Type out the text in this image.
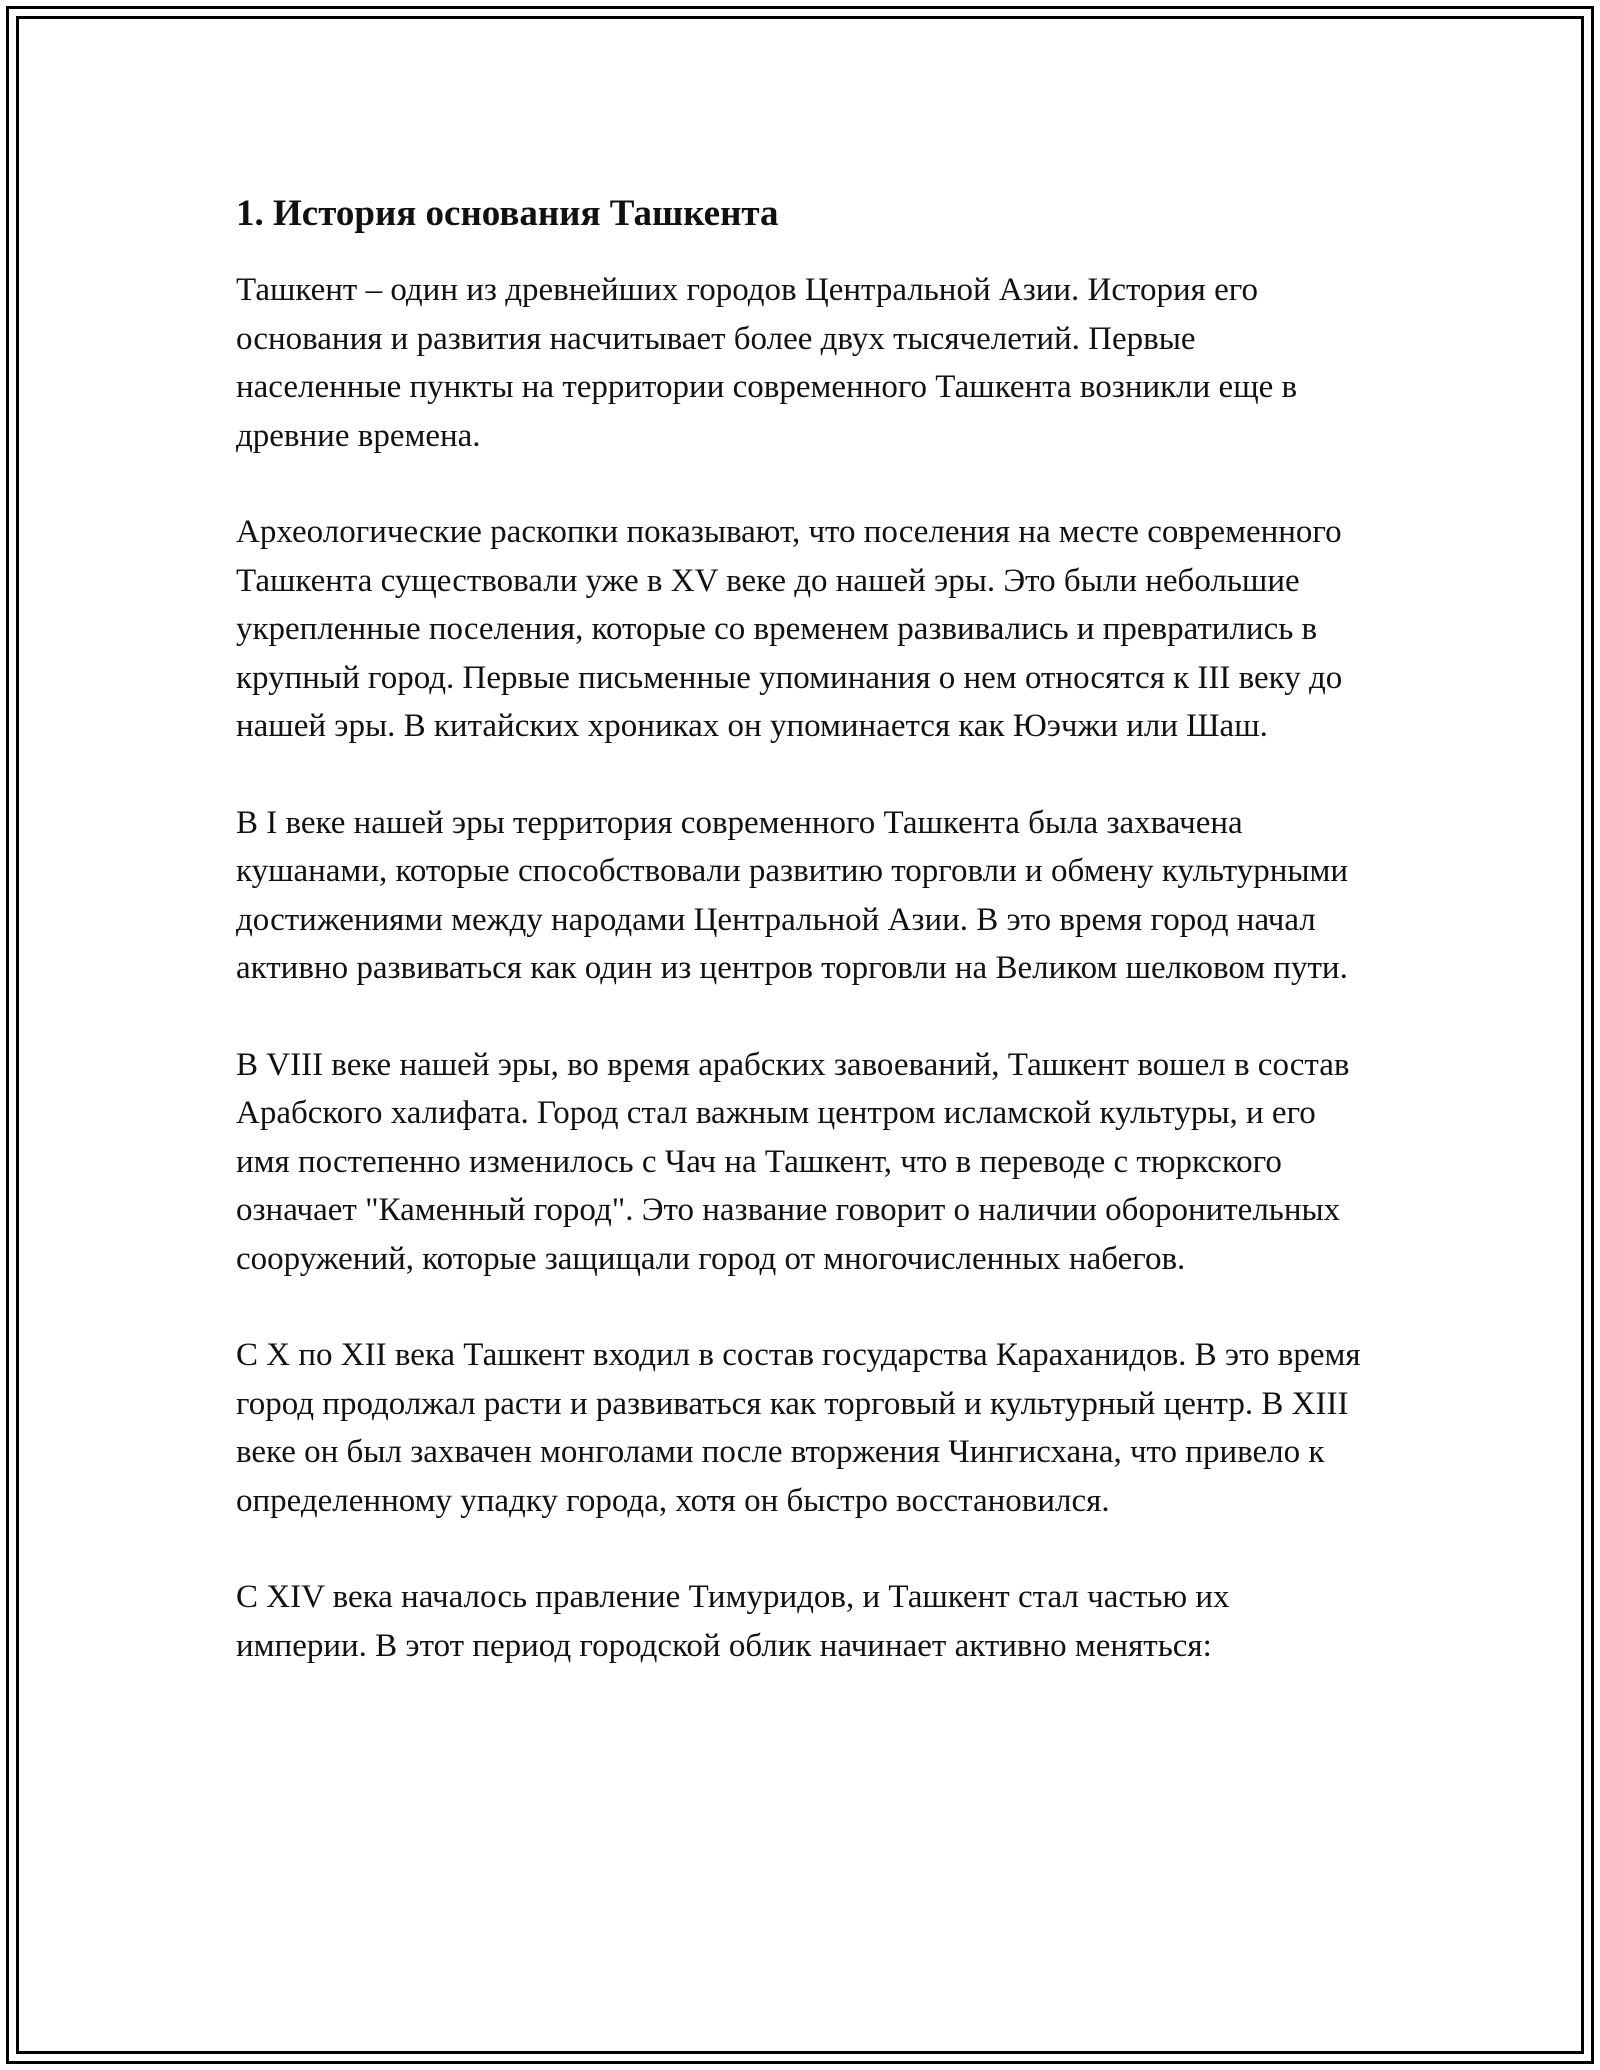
1. История основания Ташкента

Ташкент – один из древнейших городов Центральной Азии. История его основания и развития насчитывает более двух тысячелетий. Первые населенные пункты на территории современного Ташкента возникли еще в древние времена.

Археологические раскопки показывают, что поселения на месте современного Ташкента существовали уже в XV веке до нашей эры. Это были небольшие укрепленные поселения, которые со временем развивались и превратились в крупный город. Первые письменные упоминания о нем относятся к III веку до нашей эры. В китайских хрониках он упоминается как Юэчжи или Шаш.

В I веке нашей эры территория современного Ташкента была захвачена кушанами, которые способствовали развитию торговли и обмену культурными достижениями между народами Центральной Азии. В это время город начал активно развиваться как один из центров торговли на Великом шелковом пути.

В VIII веке нашей эры, во время арабских завоеваний, Ташкент вошел в состав Арабского халифата. Город стал важным центром исламской культуры, и его имя постепенно изменилось с Чач на Ташкент, что в переводе с тюркского означает "Каменный город". Это название говорит о наличии оборонительных сооружений, которые защищали город от многочисленных набегов.

С X по XII века Ташкент входил в состав государства Караханидов. В это время город продолжал расти и развиваться как торговый и культурный центр. В XIII веке он был захвачен монголами после вторжения Чингисхана, что привело к определенному упадку города, хотя он быстро восстановился.

С XIV века началось правление Тимуридов, и Ташкент стал частью их империи. В этот период городской облик начинает активно меняться:
